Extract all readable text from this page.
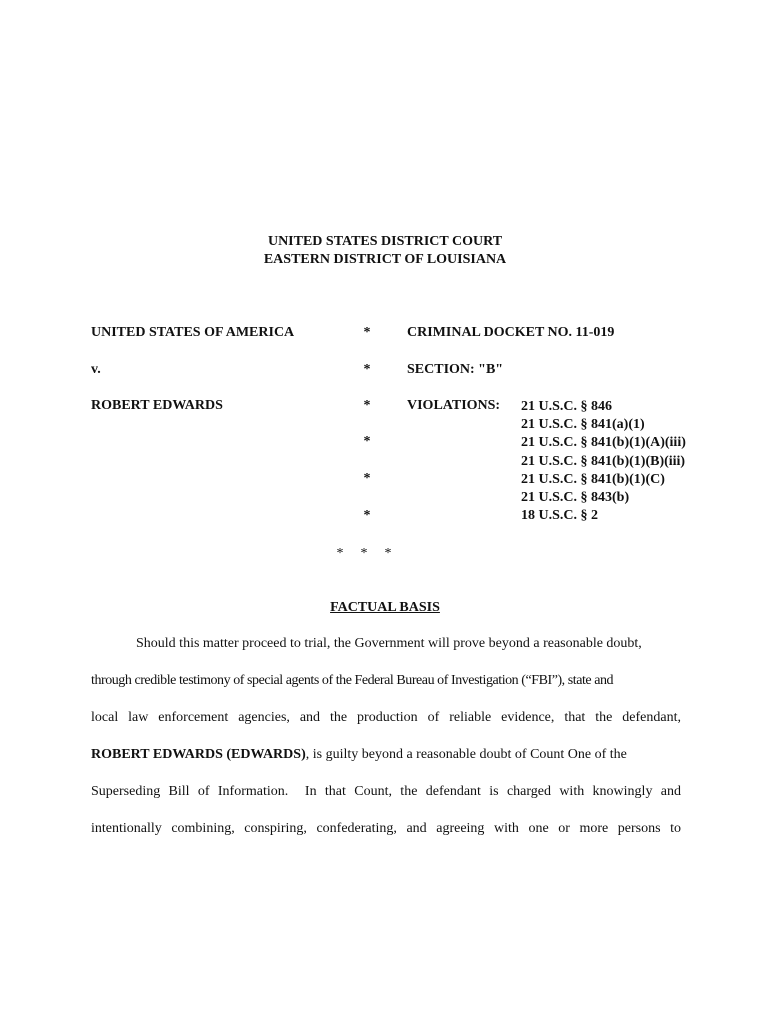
UNITED STATES DISTRICT COURT
EASTERN DISTRICT OF LOUISIANA
UNITED STATES OF AMERICA
v.
ROBERT EDWARDS
*
*
*
*
*
*
CRIMINAL DOCKET NO. 11-019
SECTION: "B"
VIOLATIONS: 21 U.S.C. § 846
21 U.S.C. § 841(a)(1)
21 U.S.C. § 841(b)(1)(A)(iii)
21 U.S.C. § 841(b)(1)(B)(iii)
21 U.S.C. § 841(b)(1)(C)
21 U.S.C. § 843(b)
18 U.S.C. § 2
* * *
FACTUAL BASIS
Should this matter proceed to trial, the Government will prove beyond a reasonable doubt,
through credible testimony of special agents of the Federal Bureau of Investigation (“FBI”), state and
local law enforcement agencies, and the production of reliable evidence, that the defendant,
ROBERT EDWARDS (EDWARDS), is guilty beyond a reasonable doubt of Count One of the
Superseding Bill of Information.  In that Count, the defendant is charged with knowingly and
intentionally combining, conspiring, confederating, and agreeing with one or more persons to
